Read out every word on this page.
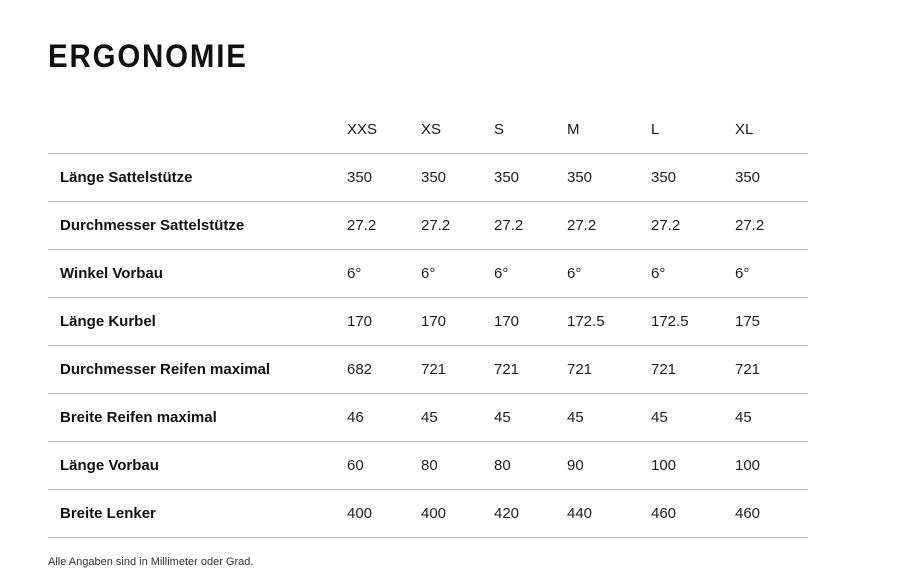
ERGONOMIE
	XXS	XS	S	M	L	XL
Länge Sattelstütze	350	350	350	350	350	350
Durchmesser Sattelstütze	27.2	27.2	27.2	27.2	27.2	27.2
Winkel Vorbau	6°	6°	6°	6°	6°	6°
Länge Kurbel	170	170	170	172.5	172.5	175
Durchmesser Reifen maximal	682	721	721	721	721	721
Breite Reifen maximal	46	45	45	45	45	45
Länge Vorbau	60	80	80	90	100	100
Breite Lenker	400	400	420	440	460	460

Alle Angaben sind in Millimeter oder Grad.
